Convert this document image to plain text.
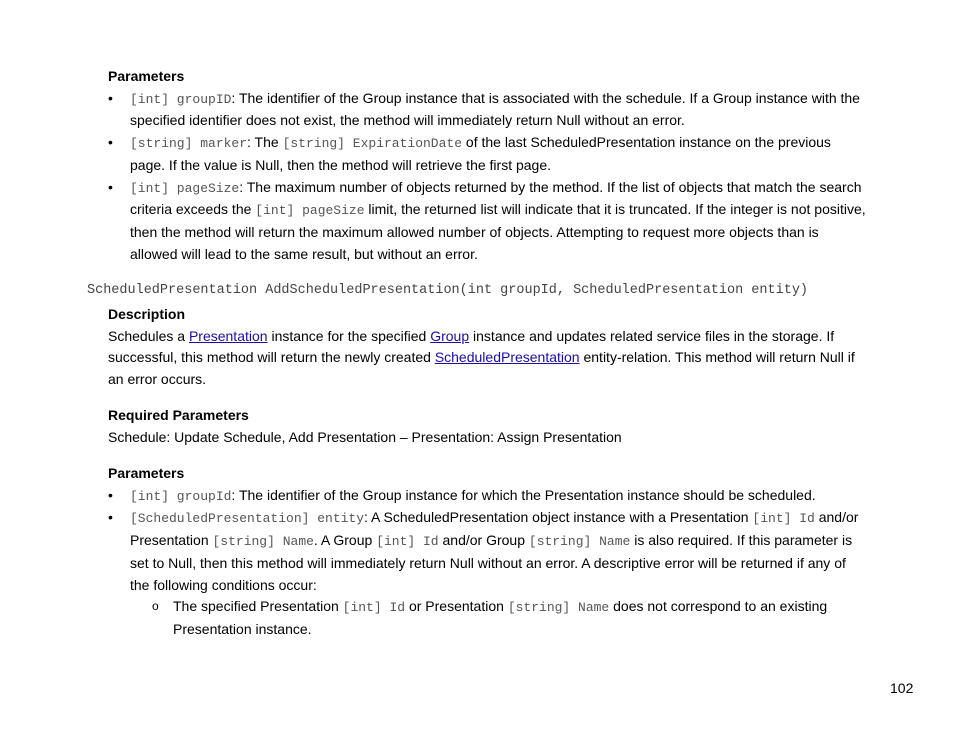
Parameters
• [int] groupID: The identifier of the Group instance that is associated with the schedule. If a Group instance with the specified identifier does not exist, the method will immediately return Null without an error.
• [string] marker: The [string] ExpirationDate of the last ScheduledPresentation instance on the previous page. If the value is Null, then the method will retrieve the first page.
• [int] pageSize: The maximum number of objects returned by the method. If the list of objects that match the search criteria exceeds the [int] pageSize limit, the returned list will indicate that it is truncated. If the integer is not positive, then the method will return the maximum allowed number of objects. Attempting to request more objects than is allowed will lead to the same result, but without an error.
ScheduledPresentation AddScheduledPresentation(int groupId, ScheduledPresentation entity)
Description
Schedules a Presentation instance for the specified Group instance and updates related service files in the storage. If successful, this method will return the newly created ScheduledPresentation entity-relation. This method will return Null if an error occurs.
Required Parameters
Schedule: Update Schedule, Add Presentation – Presentation: Assign Presentation
Parameters
• [int] groupId: The identifier of the Group instance for which the Presentation instance should be scheduled.
• [ScheduledPresentation] entity: A ScheduledPresentation object instance with a Presentation [int] Id and/or Presentation [string] Name. A Group [int] Id and/or Group [string] Name is also required. If this parameter is set to Null, then this method will immediately return Null without an error. A descriptive error will be returned if any of the following conditions occur:
o The specified Presentation [int] Id or Presentation [string] Name does not correspond to an existing Presentation instance.
102
